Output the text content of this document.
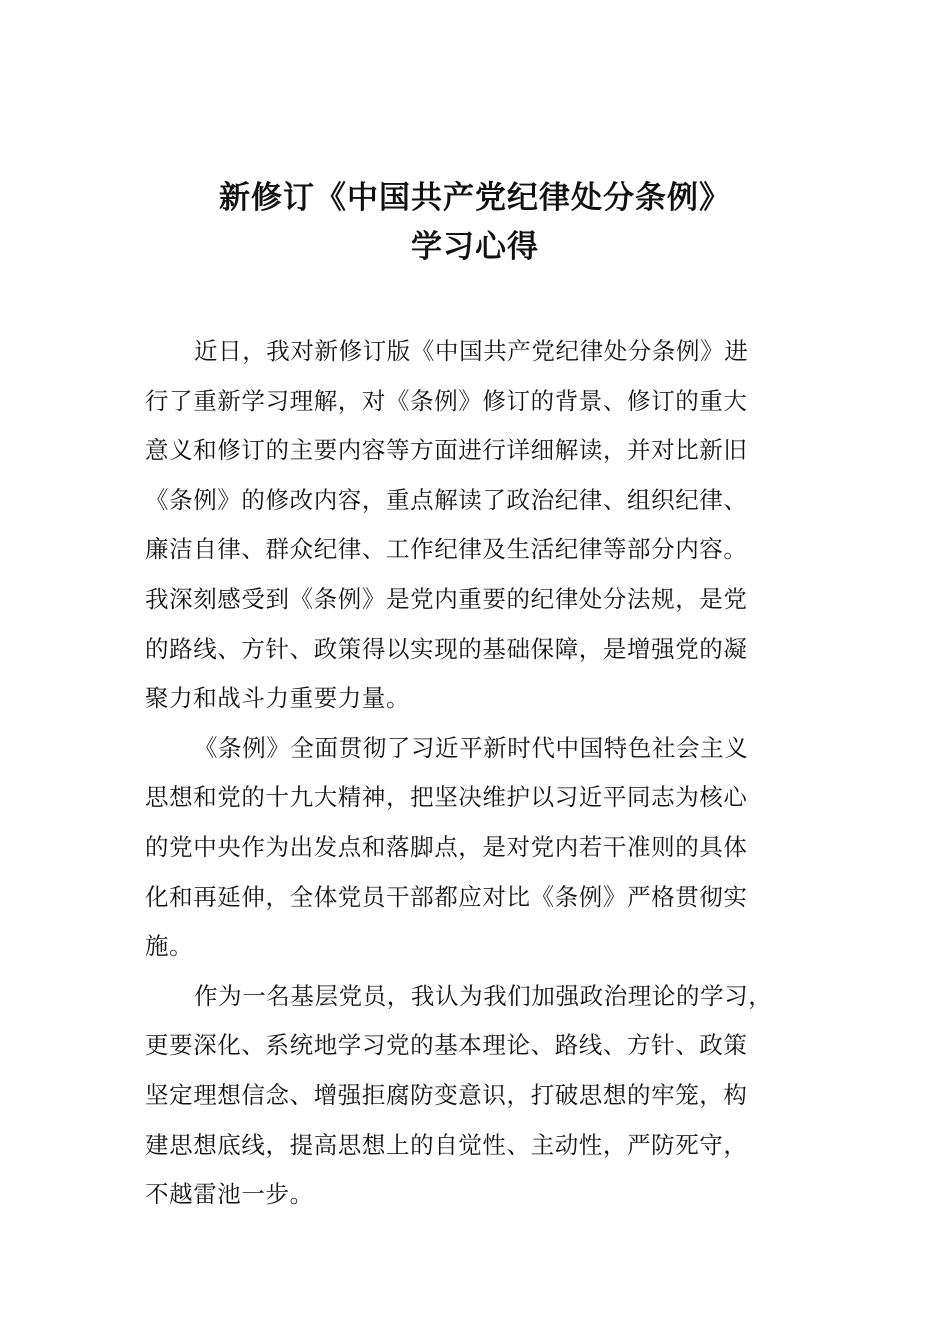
新修订《中国共产党纪律处分条例》
学习心得
近日，我对新修订版《中国共产党纪律处分条例》进
行了重新学习理解，对《条例》修订的背景、修订的重大
意义和修订的主要内容等方面进行详细解读，并对比新旧
《条例》的修改内容，重点解读了政治纪律、组织纪律、
廉洁自律、群众纪律、工作纪律及生活纪律等部分内容。
我深刻感受到《条例》是党内重要的纪律处分法规，是党
的路线、方针、政策得以实现的基础保障，是增强党的凝
聚力和战斗力重要力量。
《条例》全面贯彻了习近平新时代中国特色社会主义
思想和党的十九大精神，把坚决维护以习近平同志为核心
的党中央作为出发点和落脚点，是对党内若干准则的具体
化和再延伸，全体党员干部都应对比《条例》严格贯彻实
施。
作为一名基层党员，我认为我们加强政治理论的学习，
更要深化、系统地学习党的基本理论、路线、方针、政策
坚定理想信念、增强拒腐防变意识，打破思想的牢笼，构
建思想底线，提高思想上的自觉性、主动性，严防死守，
不越雷池一步。
